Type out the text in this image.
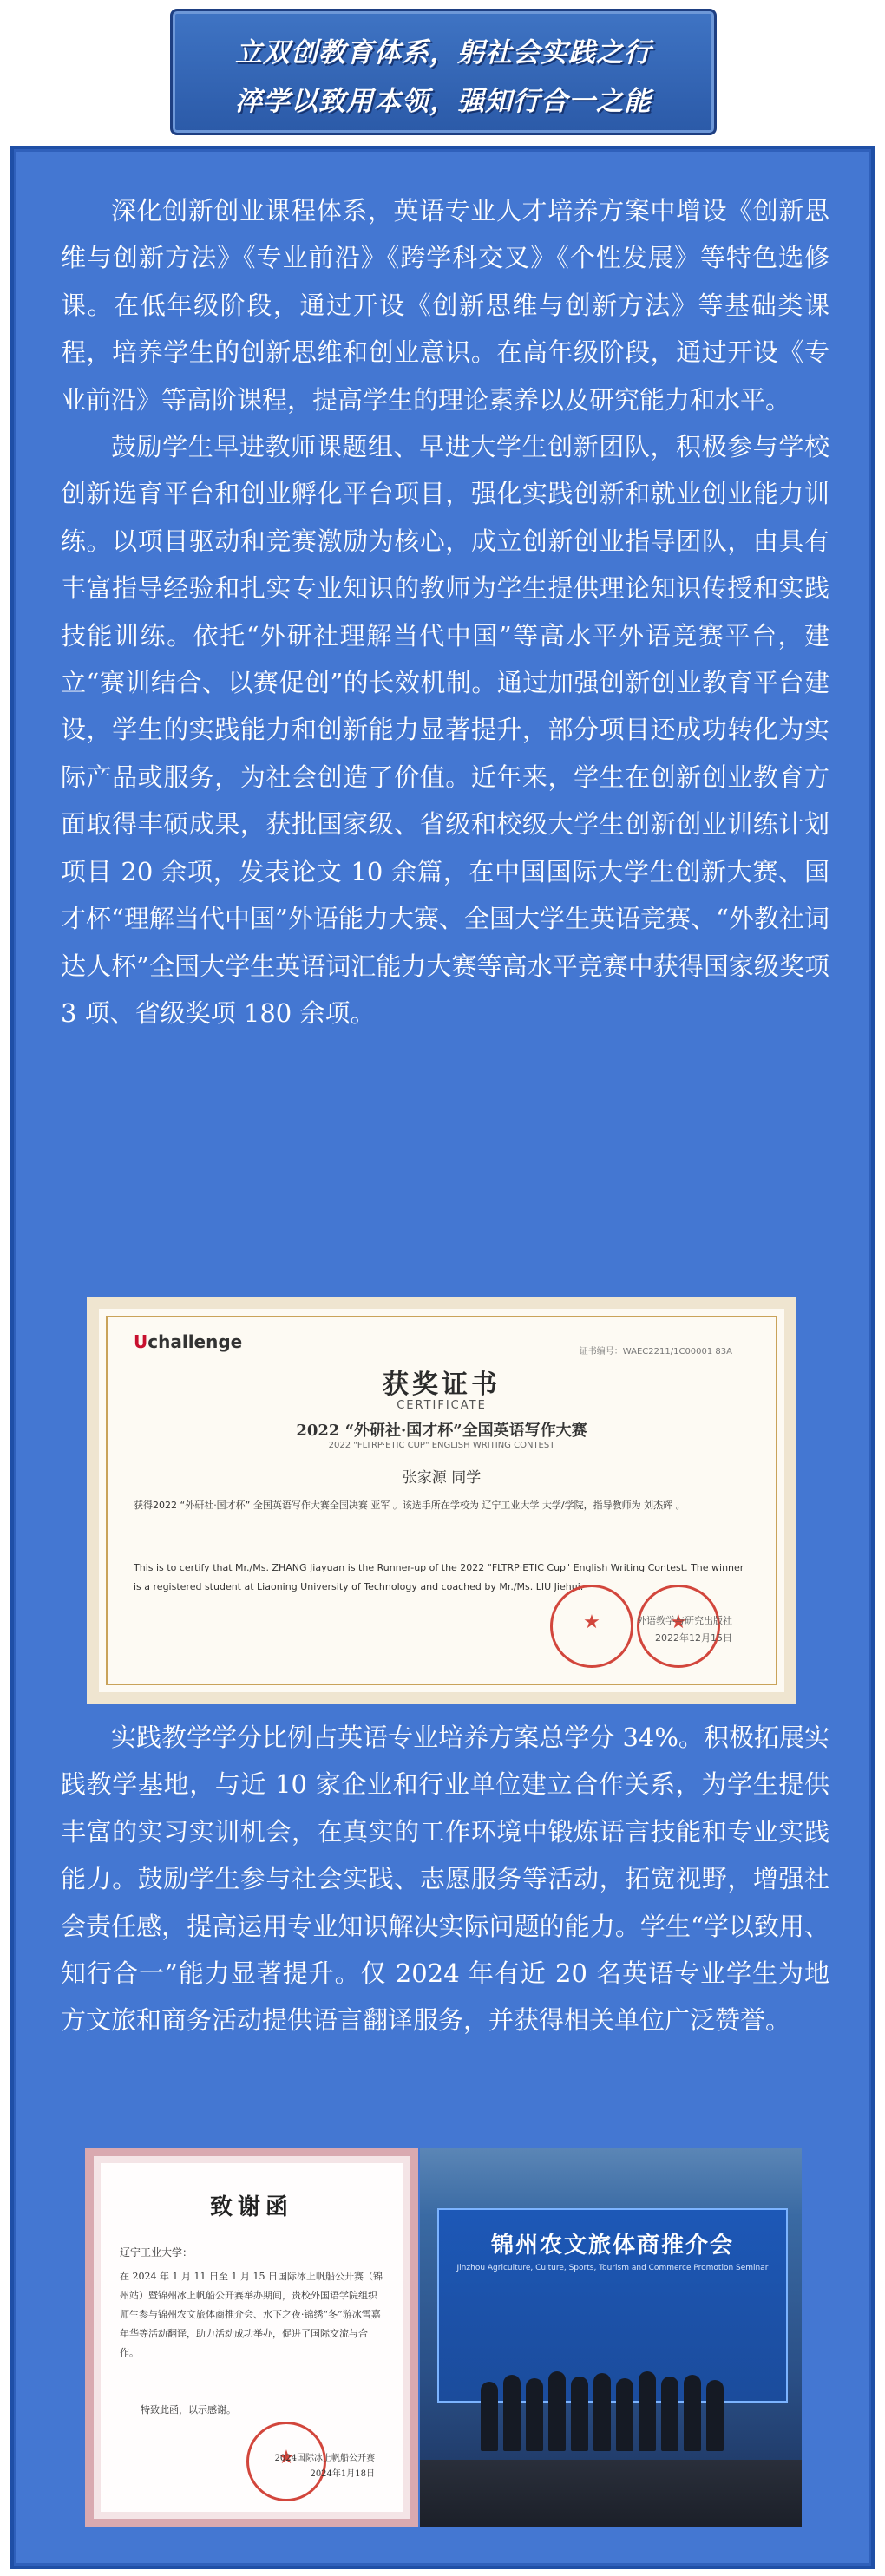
立双创教育体系，躬社会实践之行
淬学以致用本领，强知行合一之能

深化创新创业课程体系，英语专业人才培养方案中增设《创新思维与创新方法》《专业前沿》《跨学科交叉》《个性发展》等特色选修课。在低年级阶段，通过开设《创新思维与创新方法》等基础类课程，培养学生的创新思维和创业意识。在高年级阶段，通过开设《专业前沿》等高阶课程，提高学生的理论素养以及研究能力和水平。

鼓励学生早进教师课题组、早进大学生创新团队，积极参与学校创新选育平台和创业孵化平台项目，强化实践创新和就业创业能力训练。以项目驱动和竞赛激励为核心，成立创新创业指导团队，由具有丰富指导经验和扎实专业知识的教师为学生提供理论知识传授和实践技能训练。依托“外研社理解当代中国”等高水平外语竞赛平台，建立“赛训结合、以赛促创”的长效机制。通过加强创新创业教育平台建设，学生的实践能力和创新能力显著提升，部分项目还成功转化为实际产品或服务，为社会创造了价值。近年来，学生在创新创业教育方面取得丰硕成果，获批国家级、省级和校级大学生创新创业训练计划项目 20 余项，发表论文 10 余篇，在中国国际大学生创新大赛、国才杯“理解当代中国”外语能力大赛、全国大学生英语竞赛、“外教社词达人杯”全国大学生英语词汇能力大赛等高水平竞赛中获得国家级奖项 3 项、省级奖项 180 余项。

Uchallenge	证书编号：WAEC2211/1C00001 83A
获奖证书
CERTIFICATE
2022 “外研社·国才杯”全国英语写作大赛
2022 "FLTRP·ETIC CUP" ENGLISH WRITING CONTEST
张家源 同学
获得2022 “外研社·国才杯” 全国英语写作大赛全国决赛 亚军 。该选手所在学校为 辽宁工业大学 大学/学院，指导教师为 刘杰辉 。
This is to certify that Mr./Ms. ZHANG Jiayuan is the Runner-up of the 2022 "FLTRP·ETIC Cup" English Writing Contest. The winner is a registered student at Liaoning University of Technology and coached by Mr./Ms. LIU Jiehui.
★
★
外语教学与研究出版社
2022年12月15日

实践教学学分比例占英语专业培养方案总学分 34%。积极拓展实践教学基地，与近 10 家企业和行业单位建立合作关系，为学生提供丰富的实习实训机会，在真实的工作环境中锻炼语言技能和专业实践能力。鼓励学生参与社会实践、志愿服务等活动，拓宽视野，增强社会责任感，提高运用专业知识解决实际问题的能力。学生“学以致用、知行合一”能力显著提升。仅 2024 年有近 20 名英语专业学生为地方文旅和商务活动提供语言翻译服务，并获得相关单位广泛赞誉。

致谢函
辽宁工业大学：
在 2024 年 1 月 11 日至 1 月 15 日国际冰上帆船公开赛（锦州站）暨锦州冰上帆船公开赛举办期间，贵校外国语学院组织师生参与锦州农文旅体商推介会、水下之夜·锦绣“冬”游冰雪嘉年华等活动翻译，助力活动成功举办，促进了国际交流与合作。
特致此函，以示感谢。
★
2024国际冰上帆船公开赛
2024年1月18日
锦州农文旅体商推介会
Jinzhou Agriculture, Culture, Sports, Tourism and Commerce Promotion Seminar
